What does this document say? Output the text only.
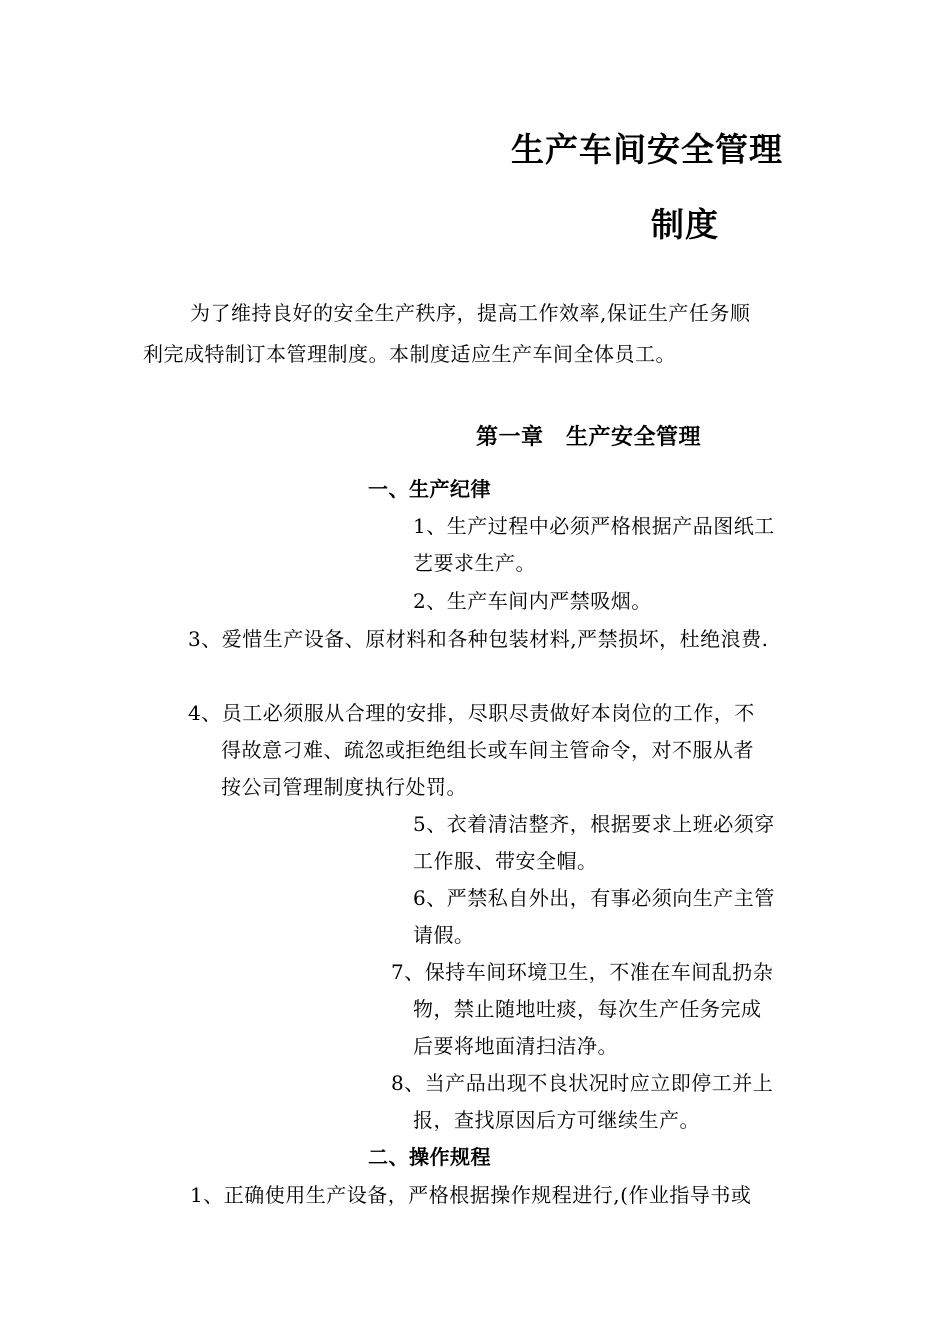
生产车间安全管理
制度
为了维持良好的安全生产秩序，提高工作效率,保证生产任务顺
利完成特制订本管理制度。本制度适应生产车间全体员工。
第一章　生产安全管理
一、生产纪律
1、生产过程中必须严格根据产品图纸工
艺要求生产。
2、生产车间内严禁吸烟。
3、爱惜生产设备、原材料和各种包装材料,严禁损坏，杜绝浪费.
4、员工必须服从合理的安排，尽职尽责做好本岗位的工作，不
得故意刁难、疏忽或拒绝组长或车间主管命令，对不服从者
按公司管理制度执行处罚。
5、衣着清洁整齐，根据要求上班必须穿
工作服、带安全帽。
6、严禁私自外出，有事必须向生产主管
请假。
7、保持车间环境卫生，不准在车间乱扔杂
物，禁止随地吐痰，每次生产任务完成
后要将地面清扫洁净。
8、当产品出现不良状况时应立即停工并上
报，查找原因后方可继续生产。
二、操作规程
1、正确使用生产设备，严格根据操作规程进行,(作业指导书或
